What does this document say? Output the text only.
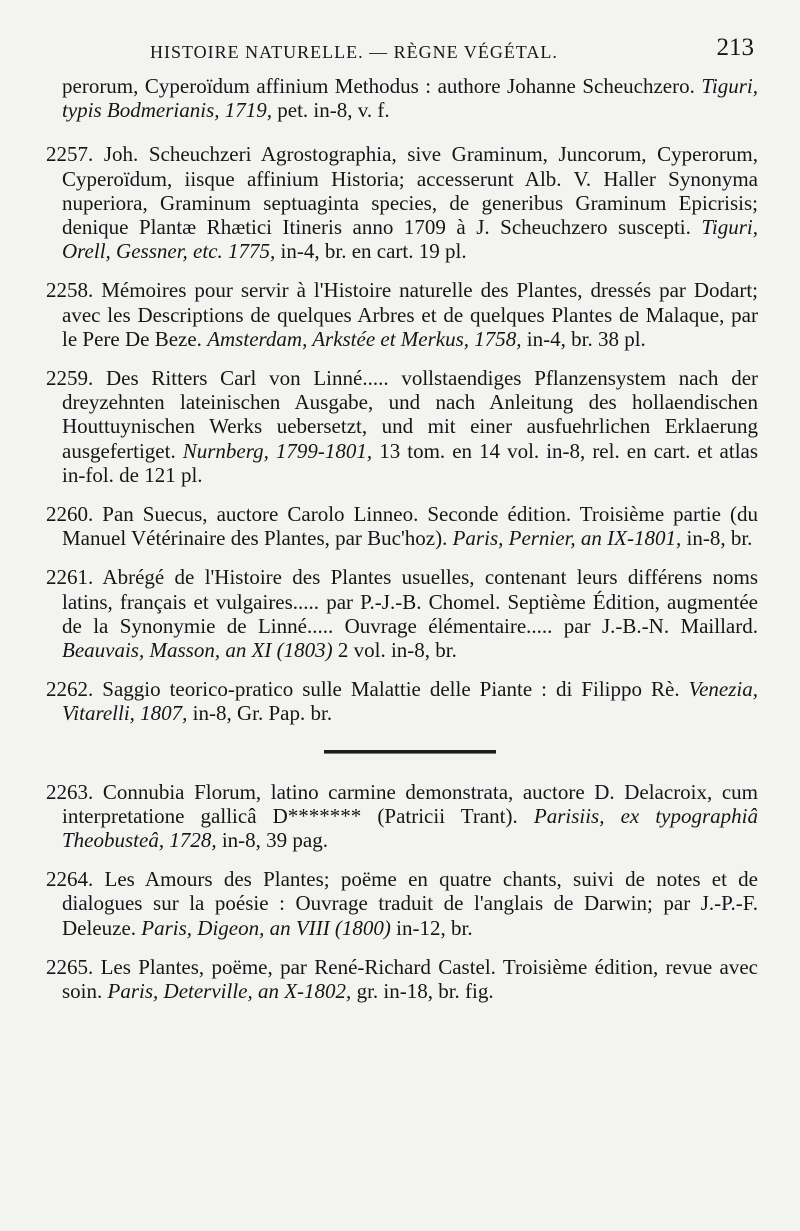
HISTOIRE NATURELLE. — RÈGNE VÉGÉTAL.	213
perorum, Cyperoïdum affinium Methodus : authore Johanne Scheuchzero. Tiguri, typis Bodmerianis, 1719, pet. in-8, v. f.
2257. Joh. Scheuchzeri Agrostographia, sive Graminum, Juncorum, Cyperorum, Cyperoïdum, iisque affinium Historia; accesserunt Alb. V. Haller Synonyma nuperiora, Graminum septuaginta species, de generibus Graminum Epicrisis; denique Plantæ Rhætici Itineris anno 1709 à J. Scheuchzero suscepti. Tiguri, Orell, Gessner, etc. 1775, in-4, br. en cart. 19 pl.
2258. Mémoires pour servir à l'Histoire naturelle des Plantes, dressés par Dodart; avec les Descriptions de quelques Arbres et de quelques Plantes de Malaque, par le Pere De Beze. Amsterdam, Arkstée et Merkus, 1758, in-4, br. 38 pl.
2259. Des Ritters Carl von Linné..... vollstaendiges Pflanzensystem nach der dreyzehnten lateinischen Ausgabe, und nach Anleitung des hollaendischen Houttuynischen Werks uebersetzt, und mit einer ausfuehrlichen Erklaerung ausgefertiget. Nurnberg, 1799-1801, 13 tom. en 14 vol. in-8, rel. en cart. et atlas in-fol. de 121 pl.
2260. Pan Suecus, auctore Carolo Linneo. Seconde édition. Troisième partie (du Manuel Vétérinaire des Plantes, par Buc'hoz). Paris, Pernier, an IX-1801, in-8, br.
2261. Abrégé de l'Histoire des Plantes usuelles, contenant leurs différens noms latins, français et vulgaires..... par P.-J.-B. Chomel. Septième Édition, augmentée de la Synonymie de Linné..... Ouvrage élémentaire..... par J.-B.-N. Maillard. Beauvais, Masson, an XI (1803) 2 vol. in-8, br.
2262. Saggio teorico-pratico sulle Malattie delle Piante : di Filippo Rè. Venezia, Vitarelli, 1807, in-8, Gr. Pap. br.
2263. Connubia Florum, latino carmine demonstrata, auctore D. Delacroix, cum interpretatione gallicâ D******* (Patricii Trant). Parisiis, ex typographiâ Theobusteâ, 1728, in-8, 39 pag.
2264. Les Amours des Plantes; poëme en quatre chants, suivi de notes et de dialogues sur la poésie : Ouvrage traduit de l'anglais de Darwin; par J.-P.-F. Deleuze. Paris, Digeon, an VIII (1800) in-12, br.
2265. Les Plantes, poëme, par René-Richard Castel. Troisième édition, revue avec soin. Paris, Deterville, an X-1802, gr. in-18, br. fig.
